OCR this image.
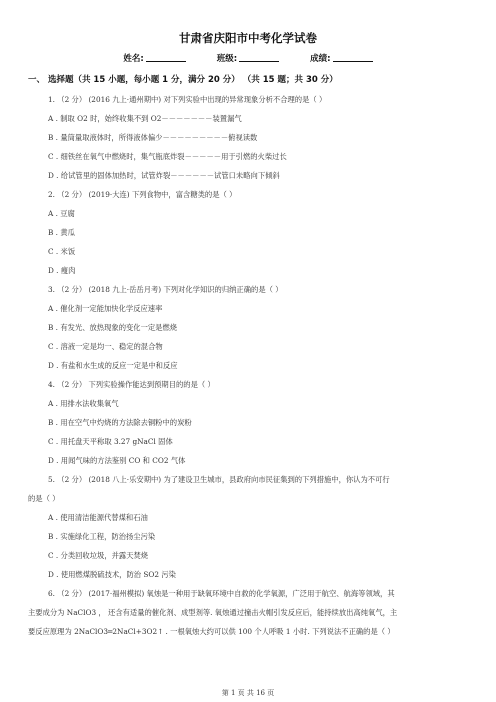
甘肃省庆阳市中考化学试卷
姓名:	班级:	成绩:
一、 选择题（共 15 小题，每小题 1 分，满分 20 分） （共 15 题；共 30 分）
1. （2 分） (2016 九上·通州期中) 对下列实验中出现的异常现象分析不合理的是（ ）
A . 制取 O2 时，始终收集不到 O2－－－－－－－装置漏气
B . 量筒量取液体时，所得液体偏少－－－－－－－－－俯视读数
C . 细铁丝在氧气中燃烧时，集气瓶底炸裂－－－－－用于引燃的火柴过长
D . 给试管里的固体加热时，试管炸裂－－－－－－试管口未略向下倾斜
2. （2 分） (2019·大连) 下列食物中，富含糖类的是（ ）
A . 豆腐
B . 黄瓜
C . 米饭
D . 瘦肉
3. （2 分） (2018 九上·岳岳月考) 下列对化学知识的归纳正确的是（ ）
A . 催化剂一定能加快化学反应速率
B . 有发光、放热现象的变化一定是燃烧
C . 溶液一定是均一、稳定的混合物
D . 有盐和水生成的反应一定是中和反应
4. （2 分） 下列实验操作能达到预期目的的是（ ）
A . 用排水法收集氧气
B . 用在空气中灼烧的方法除去铜粉中的炭粉
C . 用托盘天平称取 3.27 gNaCl 固体
D . 用闻气味的方法鉴别 CO 和 CO2 气体
5. （2 分） (2018 八上·乐安期中) 为了建设卫生城市，县政府向市民征集到的下列措施中，你认为不可行
的是（ ）
A . 使用清洁能源代替煤和石油
B . 实施绿化工程，防治扬尘污染
C . 分类回收垃圾，并露天焚烧
D . 使用燃煤脱硫技术，防治 SO2 污染
6. （2 分） (2017·福州模拟) 氧烛是一种用于缺氧环境中自救的化学氧源，广泛用于航空、航海等领域，其
主要成分为 NaClO3 ， 还含有适量的催化剂、成型剂等. 氧烛通过撞击火帽引发反应后，能持续放出高纯氧气，主
要反应原理为 2NaClO3═2NaCl+3O2↑ . 一根氧烛大约可以供 100 个人呼吸 1 小时. 下列说法不正确的是（ ）
第 1 页 共 16 页
